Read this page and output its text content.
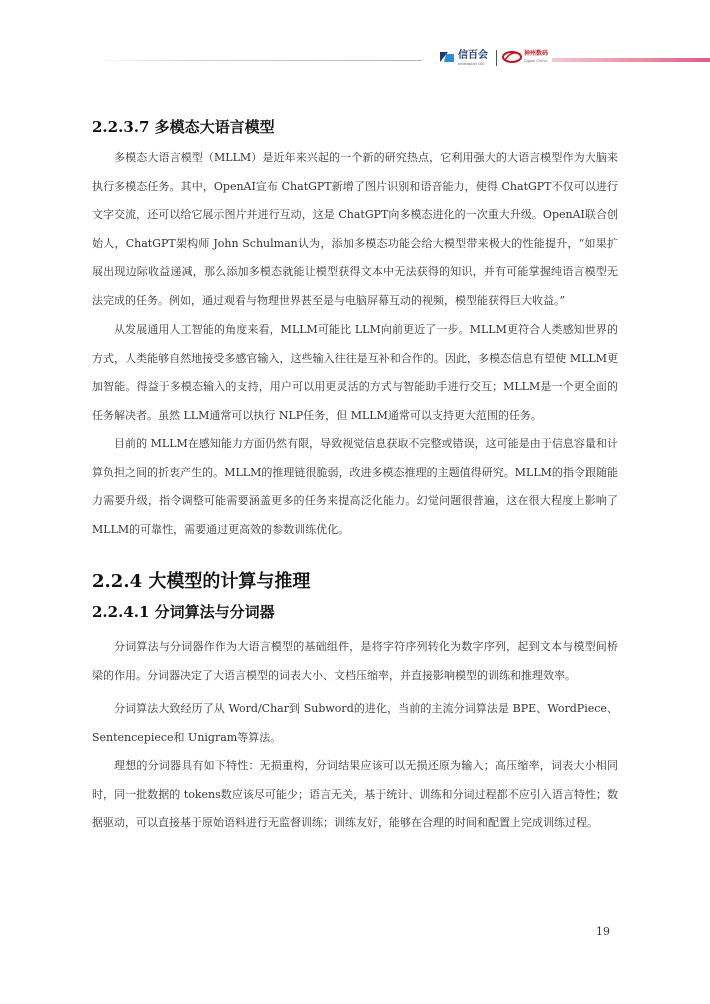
信百会
Infoeduion 100
神州数码
Digital China
2.2.3.7 多模态大语言模型

多模态大语言模型（MLLM）是近年来兴起的一个新的研究热点，它利用强大的大语言模型作为大脑来执行多模态任务。其中，OpenAI宣布 ChatGPT新增了图片识别和语音能力，使得 ChatGPT不仅可以进行文字交流，还可以给它展示图片并进行互动，这是 ChatGPT向多模态进化的一次重大升级。OpenAI联合创始人，ChatGPT架构师 John Schulman认为，添加多模态功能会给大模型带来极大的性能提升，“如果扩展出现边际收益递减，那么添加多模态就能让模型获得文本中无法获得的知识，并有可能掌握纯语言模型无法完成的任务。例如，通过观看与物理世界甚至是与电脑屏幕互动的视频，模型能获得巨大收益。”

从发展通用人工智能的角度来看，MLLM可能比 LLM向前更近了一步。MLLM更符合人类感知世界的方式，人类能够自然地接受多感官输入，这些输入往往是互补和合作的。因此，多模态信息有望使 MLLM更加智能。得益于多模态输入的支持，用户可以用更灵活的方式与智能助手进行交互；MLLM是一个更全面的任务解决者。虽然 LLM通常可以执行 NLP任务，但 MLLM通常可以支持更大范围的任务。

目前的 MLLM在感知能力方面仍然有限，导致视觉信息获取不完整或错误，这可能是由于信息容量和计算负担之间的折衷产生的。MLLM的推理链很脆弱，改进多模态推理的主题值得研究。MLLM的指令跟随能力需要升级，指令调整可能需要涵盖更多的任务来提高泛化能力。幻觉问题很普遍，这在很大程度上影响了 MLLM的可靠性，需要通过更高效的参数训练优化。

2.2.4 大模型的计算与推理
2.2.4.1 分词算法与分词器

分词算法与分词器作作为大语言模型的基础组件，是将字符序列转化为数字序列，起到文本与模型间桥梁的作用。分词器决定了大语言模型的词表大小、文档压缩率，并直接影响模型的训练和推理效率。

分词算法大致经历了从 Word/Char到 Subword的进化，当前的主流分词算法是 BPE、WordPiece、Sentencepiece和 Unigram等算法。

理想的分词器具有如下特性：无损重构，分词结果应该可以无损还原为输入；高压缩率，词表大小相同时，同一批数据的 tokens数应该尽可能少；语言无关，基于统计、训练和分词过程都不应引入语言特性；数据驱动，可以直接基于原始语料进行无监督训练；训练友好，能够在合理的时间和配置上完成训练过程。

19
